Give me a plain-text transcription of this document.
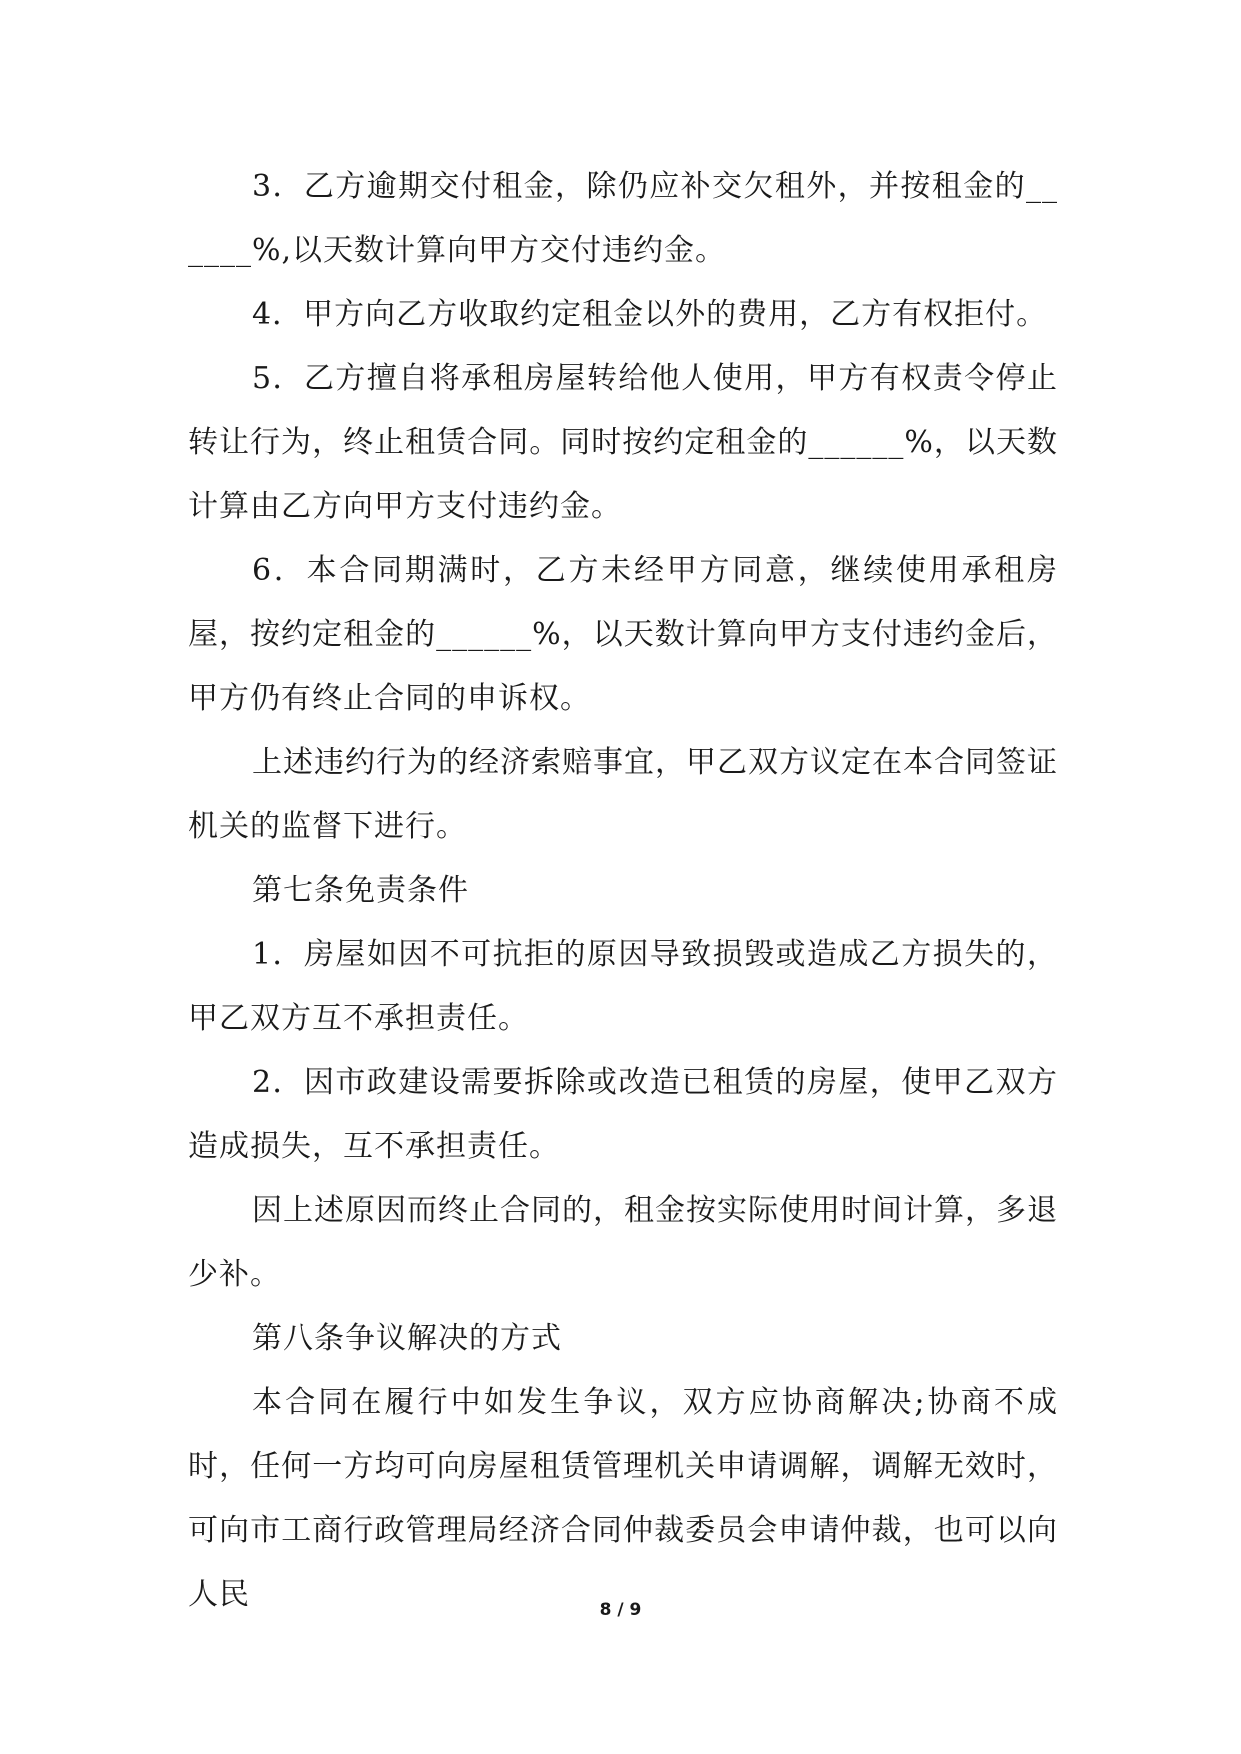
3．乙方逾期交付租金，除仍应补交欠租外，并按租金的______%,以天数计算向甲方交付违约金。

4．甲方向乙方收取约定租金以外的费用，乙方有权拒付。

5．乙方擅自将承租房屋转给他人使用，甲方有权责令停止转让行为，终止租赁合同。同时按约定租金的______%，以天数计算由乙方向甲方支付违约金。

6．本合同期满时，乙方未经甲方同意，继续使用承租房屋，按约定租金的______%，以天数计算向甲方支付违约金后，甲方仍有终止合同的申诉权。

上述违约行为的经济索赔事宜，甲乙双方议定在本合同签证机关的监督下进行。

第七条免责条件

1．房屋如因不可抗拒的原因导致损毁或造成乙方损失的，甲乙双方互不承担责任。

2．因市政建设需要拆除或改造已租赁的房屋，使甲乙双方造成损失，互不承担责任。

因上述原因而终止合同的，租金按实际使用时间计算，多退少补。

第八条争议解决的方式

本合同在履行中如发生争议，双方应协商解决;协商不成时，任何一方均可向房屋租赁管理机关申请调解，调解无效时，可向市工商行政管理局经济合同仲裁委员会申请仲裁，也可以向人民	8 / 9
